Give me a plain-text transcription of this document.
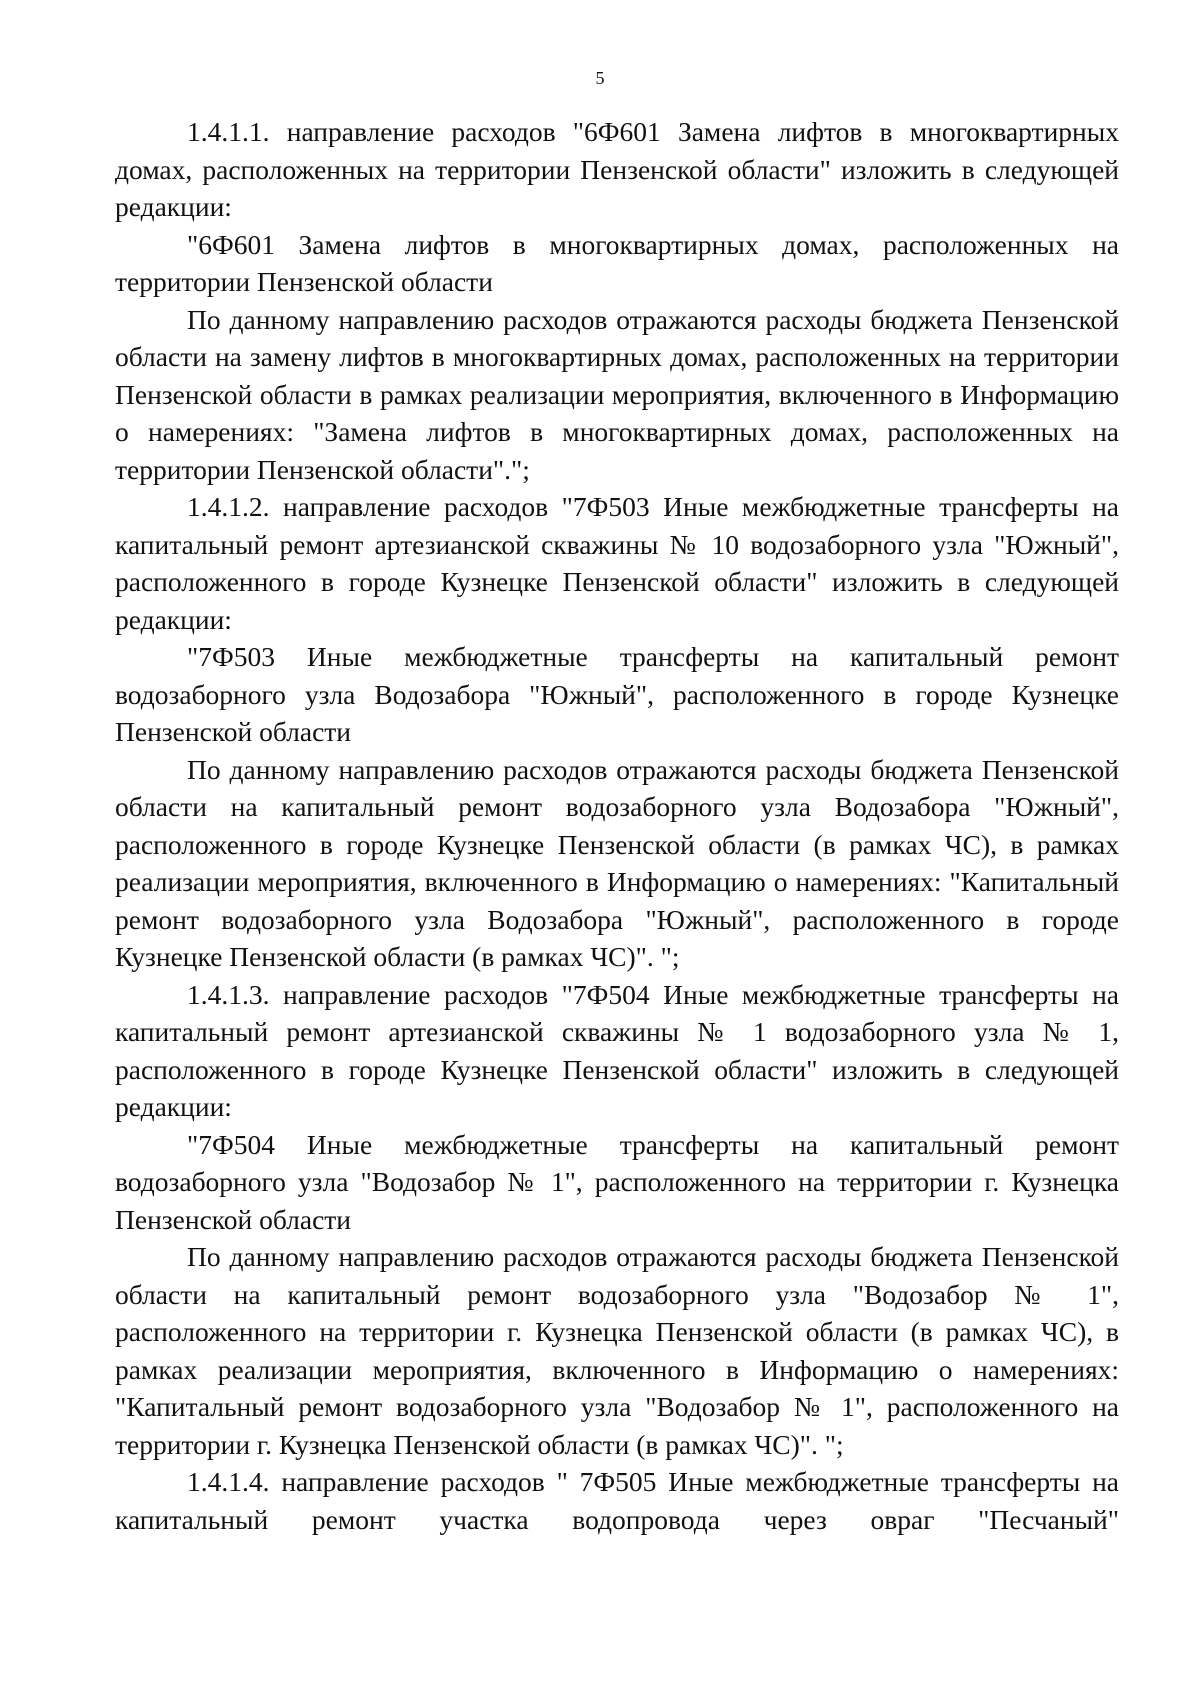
5

1.4.1.1. направление расходов "6Ф601 Замена лифтов в многоквартирных домах, расположенных на территории Пензенской области" изложить в следующей редакции:

"6Ф601 Замена лифтов в многоквартирных домах, расположенных на территории Пензенской области

По данному направлению расходов отражаются расходы бюджета Пензенской области на замену лифтов в многоквартирных домах, расположенных на территории Пензенской области в рамках реализации мероприятия, включенного в Информацию о намерениях: "Замена лифтов в многоквартирных домах, расположенных на территории Пензенской области".";

1.4.1.2. направление расходов "7Ф503 Иные межбюджетные трансферты на капитальный ремонт артезианской скважины № 10 водозаборного узла "Южный", расположенного в городе Кузнецке Пензенской области" изложить в следующей редакции:

"7Ф503 Иные межбюджетные трансферты на капитальный ремонт водозаборного узла Водозабора "Южный", расположенного в городе Кузнецке Пензенской области

По данному направлению расходов отражаются расходы бюджета Пензенской области на капитальный ремонт водозаборного узла Водозабора "Южный", расположенного в городе Кузнецке Пензенской области (в рамках ЧС), в рамках реализации мероприятия, включенного в Информацию о намерениях: "Капитальный ремонт водозаборного узла Водозабора "Южный", расположенного в городе Кузнецке Пензенской области (в рамках ЧС)". ";

1.4.1.3. направление расходов "7Ф504 Иные межбюджетные трансферты на капитальный ремонт артезианской скважины № 1 водозаборного узла № 1, расположенного в городе Кузнецке Пензенской области" изложить в следующей редакции:

"7Ф504 Иные межбюджетные трансферты на капитальный ремонт водозаборного узла "Водозабор № 1", расположенного на территории г. Кузнецка Пензенской области

По данному направлению расходов отражаются расходы бюджета Пензенской области на капитальный ремонт водозаборного узла "Водозабор № 1", расположенного на территории г. Кузнецка Пензенской области (в рамках ЧС), в рамках реализации мероприятия, включенного в Информацию о намерениях: "Капитальный ремонт водозаборного узла "Водозабор № 1", расположенного на территории г. Кузнецка Пензенской области (в рамках ЧС)". ";

1.4.1.4. направление расходов " 7Ф505 Иные межбюджетные трансферты на капитальный ремонт участка водопровода через овраг "Песчаный"
